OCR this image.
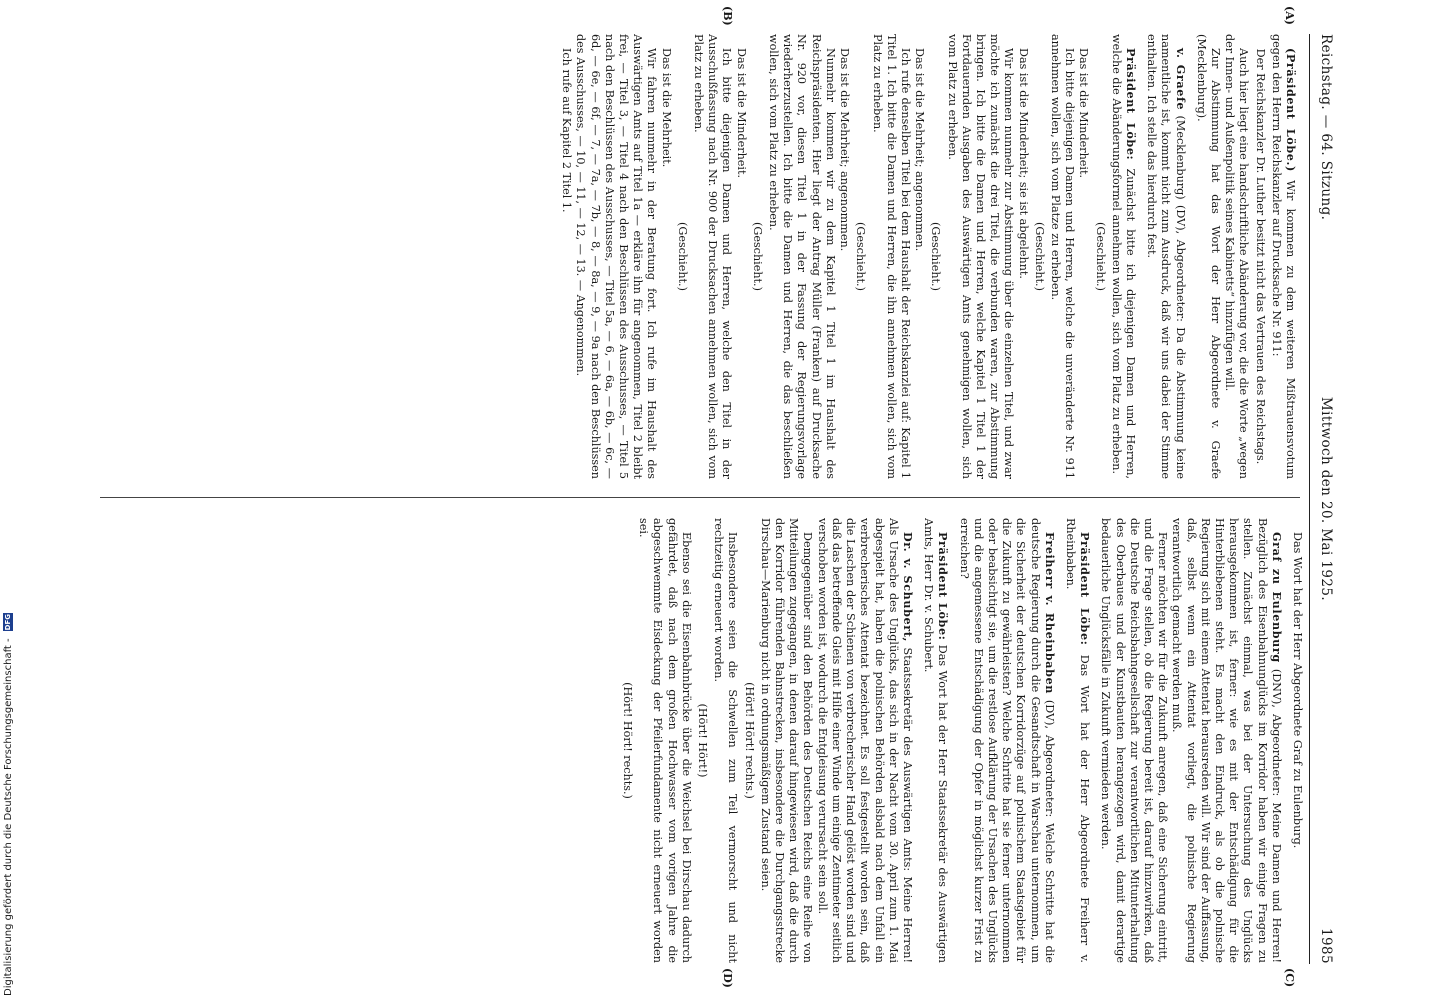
Reichstag. — 64. Sitzung.
Mittwoch den 20. Mai 1925.
1985
(A)
(B)
(C)
(D)

(Präsident Löbe.) Wir kommen zu dem weiteren Mißtrauensvotum gegen den Herrn Reichskanzler auf Drucksache Nr. 911:

Der Reichskanzler Dr. Luther besitzt nicht das Vertrauen des Reichstags.

Auch hier liegt eine handschriftliche Abänderung vor, die die Worte „wegen der Innen- und Außenpolitik seines Kabinetts“ hinzufügen will.

Zur Abstimmung hat das Wort der Herr Abgeordnete v. Graefe (Mecklenburg).

v. Graefe (Mecklenburg) (DV), Abgeordneter: Da die Abstimmung keine namentliche ist, kommt nicht zum Ausdruck, daß wir uns dabei der Stimme enthalten. Ich stelle das hierdurch fest.

Präsident Löbe: Zunächst bitte ich diejenigen Damen und Herren, welche die Abänderungsformel annehmen wollen, sich vom Platz zu erheben.

(Geschieht.)

Das ist die Minderheit.

Ich bitte diejenigen Damen und Herren, welche die unveränderte Nr. 911 annehmen wollen, sich vom Platze zu erheben.

(Geschieht.)

Das ist die Minderheit; sie ist abgelehnt.

Wir kommen nunmehr zur Abstimmung über die einzelnen Titel, und zwar möchte ich zunächst die drei Titel, die verbunden waren, zur Abstimmung bringen. Ich bitte die Damen und Herren, welche Kapitel 1 Titel 1 der Fortdauernden Ausgaben des Auswärtigen Amts genehmigen wollen, sich vom Platz zu erheben.

(Geschieht.)

Das ist die Mehrheit; angenommen.

Ich rufe denselben Titel bei dem Haushalt der Reichskanzlei auf: Kapitel 1 Titel 1. Ich bitte die Damen und Herren, die ihn annehmen wollen, sich vom Platz zu erheben.

(Geschieht.)

Das ist die Mehrheit; angenommen.

Nunmehr kommen wir zu dem Kapitel 1 Titel 1 im Haushalt des Reichspräsidenten. Hier liegt der Antrag Müller (Franken) auf Drucksache Nr. 920 vor, diesen Titel 1 in der Fassung der Regierungsvorlage wiederherzustellen. Ich bitte die Damen und Herren, die das beschließen wollen, sich vom Platz zu erheben.

(Geschieht.)

Das ist die Minderheit.

Ich bitte diejenigen Damen und Herren, welche den Titel in der Ausschußfassung nach Nr. 900 der Drucksachen annehmen wollen, sich vom Platz zu erheben.

(Geschieht.)

Das ist die Mehrheit.

Wir fahren nunmehr in der Beratung fort. Ich rufe im Haushalt des Auswärtigen Amts auf Titel 1a — erkläre ihn für angenommen, Titel 2 bleibt frei, — Titel 3, — Titel 4 nach den Beschlüssen des Ausschusses, — Titel 5 nach den Beschlüssen des Ausschusses, — Titel 5a, — 6, — 6a, — 6b, — 6c, — 6d, — 6e, — 6f, — 7, — 7a, — 7b, — 8, — 8a, — 9, — 9a nach den Beschlüssen des Ausschusses, — 10, — 11, — 12, — 13. — Angenommen.

Ich rufe auf Kapitel 2 Titel 1.

Das Wort hat der Herr Abgeordnete Graf zu Eulenburg.

Graf zu Eulenburg (DNV), Abgeordneter: Meine Damen und Herren! Bezüglich des Eisenbahnunglücks im Korridor haben wir einige Fragen zu stellen. Zunächst einmal, was bei der Untersuchung des Unglücks herausgekommen ist, ferner: wie es mit der Entschädigung für die Hinterbliebenen steht. Es macht den Eindruck, als ob die polnische Regierung sich mit einem Attentat herausreden will. Wir sind der Auffassung, daß, selbst wenn ein Attentat vorliegt, die polnische Regierung verantwortlich gemacht werden muß.

Ferner möchten wir für die Zukunft anregen, daß eine Sicherung eintritt, und die Frage stellen, ob die Regierung bereit ist, darauf hinzuwirken, daß die Deutsche Reichsbahngesellschaft zur verantwortlichen Mitunterhaltung des Oberbaues und der Kunstbauten herangezogen wird, damit derartige bedauerliche Unglücksfälle in Zukunft vermieden werden.

Präsident Löbe: Das Wort hat der Herr Abgeordnete Freiherr v. Rheinbaben.

Freiherr v. Rheinbaben (DV), Abgeordneter: Welche Schritte hat die deutsche Regierung durch die Gesandtschaft in Warschau unternommen, um die Sicherheit der deutschen Korridorzüge auf polnischem Staatsgebiet für die Zukunft zu gewährleisten? Welche Schritte hat sie ferner unternommen oder beabsichtigt sie, um die restlose Aufklärung der Ursachen des Unglücks und die angemessene Entschädigung der Opfer in möglichst kurzer Frist zu erreichen?

Präsident Löbe: Das Wort hat der Herr Staatssekretär des Auswärtigen Amts, Herr Dr. v. Schubert.

Dr. v. Schubert, Staatssekretär des Auswärtigen Amts: Meine Herren! Als Ursache des Unglücks, das sich in der Nacht vom 30. April zum 1. Mai abgespielt hat, haben die polnischen Behörden alsbald nach dem Unfall ein verbrecherisches Attentat bezeichnet. Es soll festgestellt worden sein, daß die Laschen der Schienen von verbrecherischer Hand gelöst worden sind und daß das betreffende Gleis mit Hilfe einer Winde um einige Zentimeter seitlich verschoben worden ist, wodurch die Entgleisung verursacht sein soll.

Demgegenüber sind den Behörden des Deutschen Reichs eine Reihe von Mitteilungen zugegangen, in denen darauf hingewiesen wird, daß die durch den Korridor führenden Bahnstrecken, insbesondere die Durchgangsstrecke Dirschau—Marienburg nicht in ordnungsmäßigem Zustand seien.

(Hört! Hört! rechts.)

Insbesondere seien die Schwellen zum Teil vermorscht und nicht rechtzeitig erneuert worden.

(Hört! Hört!)

Ebenso sei die Eisenbahnbrücke über die Weichsel bei Dirschau dadurch gefährdet, daß nach dem großen Hochwasser vom vorigen Jahre die abgeschwemmte Eisdeckung der Pfeilerfundamente nicht erneuert worden sei.

(Hört! Hört! rechts.)

Digitalisierung gefördert durch die Deutsche Forschungsgemeinschaft - DFG
